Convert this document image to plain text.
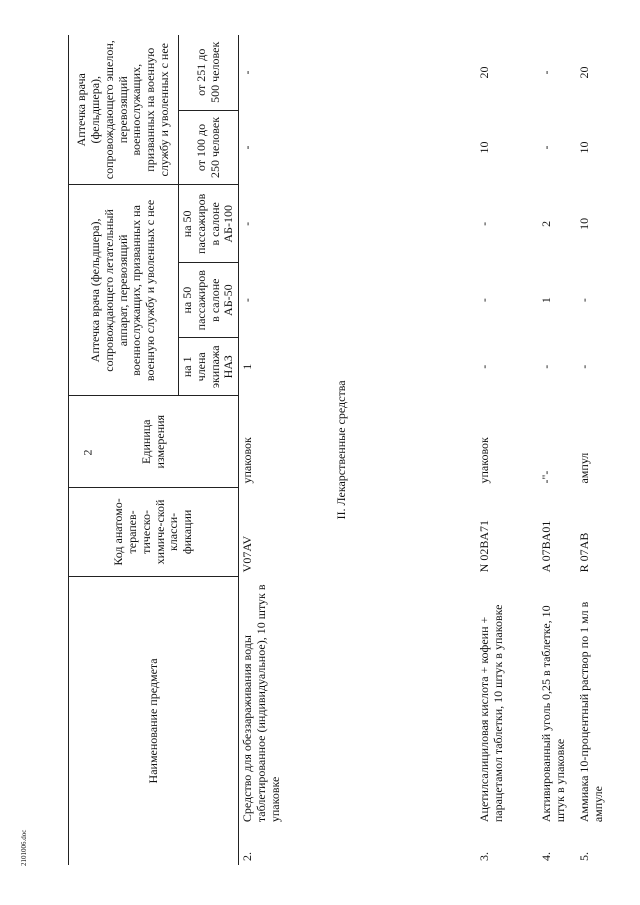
2
2101006.doc
Наименование предмета		Код анатомо-терапев-тическо-химиче-ской класси-фикации	Единица измерения	Аптечка врача (фельдшера), сопровождающего летательный аппарат, перевозящий военнослужащих, призванных на военную службу и уволенных с нее			Аптечка врача (фельдшера), сопровождающего эшелон, перевозящий военнослужащих, призванных на военную службу и уволенных с нее	
				на 1 члена экипажа НАЗ	на 50 пассажиров в салоне АБ-50	на 50 пассажиров в салоне АБ-100	от 100 до 250 человек	от 251 до 500 человек
2.	Средство для обеззараживания воды таблетированное (индивидуальное), 10 штук в упаковке	V07AV	упаковок	1	-	-	-	-
II. Лекарственные средства								
3.	Ацетилсалициловая кислота + кофеин + парацетамол таблетки, 10 штук в упаковке	N 02BA71	упаковок	-	-	-	10	20
4.	Активированный уголь 0,25 в таблетке, 10 штук в упаковке	A 07BA01	-"-	-	1	2	-	-
5.	Аммиака 10-процентный раствор по 1 мл в ампуле	R 07AB	ампул	-	-	10	10	20
